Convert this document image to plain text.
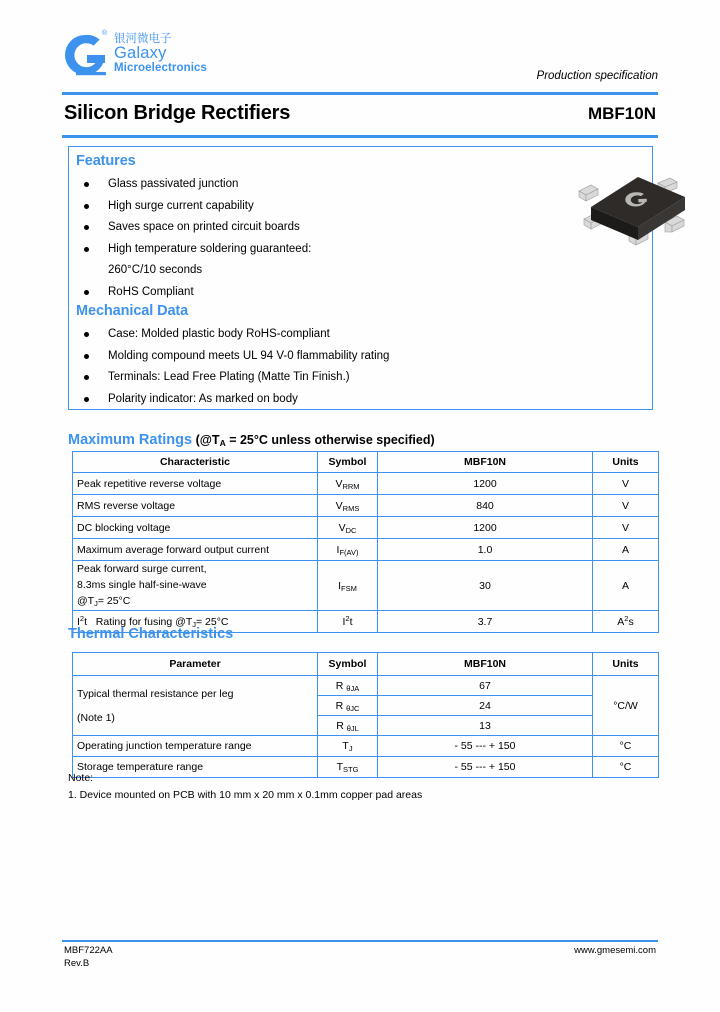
® 银河微电子
Galaxy
Microelectronics
Production specification
Silicon Bridge Rectifiers	MBF10N
Features
Glass passivated junction
High surge current capability
Saves space on printed circuit boards
High temperature soldering guaranteed:
260°C/10 seconds
RoHS Compliant
Mechanical Data
Case: Molded plastic body RoHS-compliant
Molding compound meets UL 94 V-0 flammability rating
Terminals: Lead Free Plating (Matte Tin Finish.)
Polarity indicator: As marked on body
Maximum Ratings ($@T_A = 25^\circ C$ unless otherwise specified)
Characteristic	Symbol	MBF10N	Units
Peak repetitive reverse voltage	$V_{RRM}$	1200	V
RMS reverse voltage	$V_{RMS}$	840	V
DC blocking voltage	$V_{DC}$	1200	V
Maximum average forward output current	$I_{F(AV)}$	1.0	A

Peak forward surge current,
8.3ms single half-sine-wave
$@T_J= 25^\circ C$	$I_{FSM}$	30	A
$I^2t$   Rating for fusing $@T_J= 25^\circ C$	$I^2t$	3.7	$A^2s$
Thermal Characteristics
Parameter	Symbol	MBF10N	Units

Typical thermal resistance per leg
(Note 1)	R $_{\theta JA}$	67	°C/W
	R $_{\theta JC}$	24	
	R $_{\theta JL}$	13	
Operating junction temperature range	$T_J$	- 55 --- + 150	°C
Storage temperature range	$T_{STG}$	- 55 --- + 150	°C
Note:
1. Device mounted on PCB with 10 mm x 20 mm x 0.1mm copper pad areas
MBF722AA
Rev.B
www.gmesemi.com
